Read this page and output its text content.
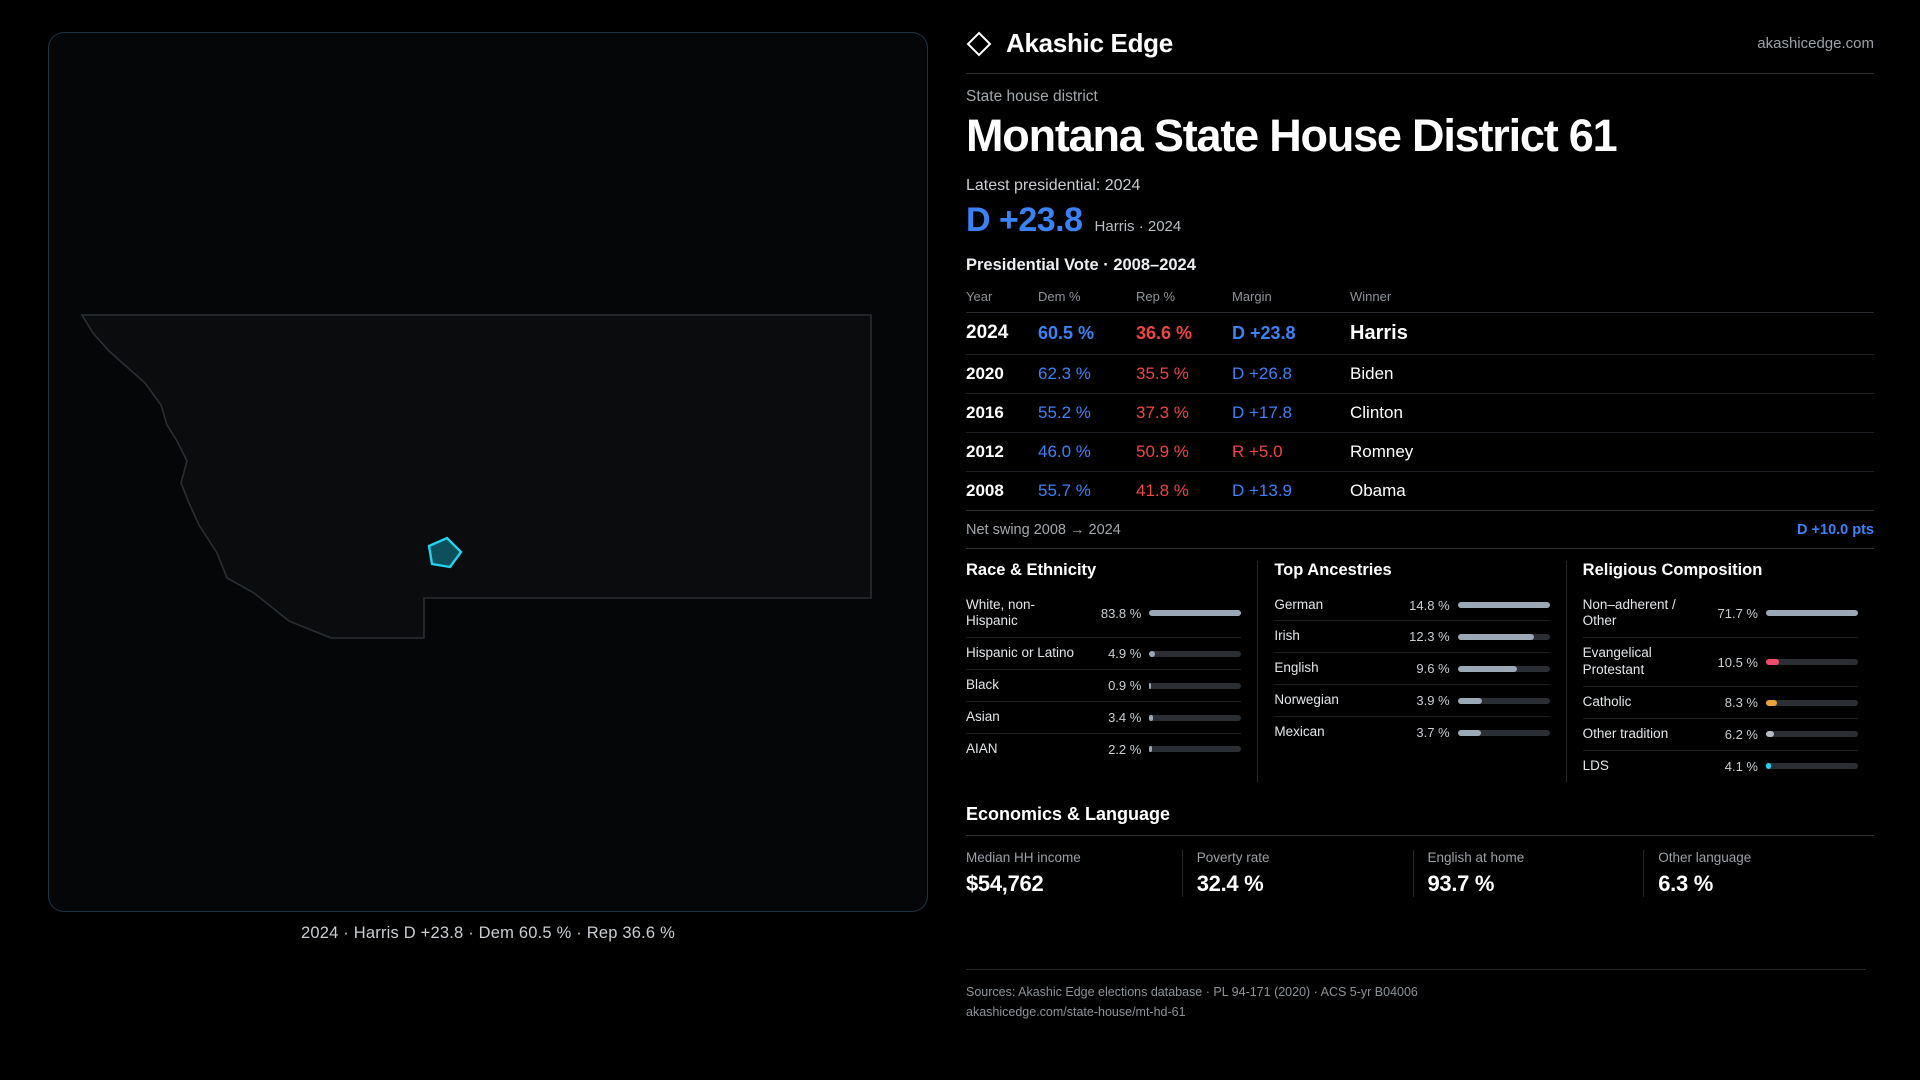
2024 · Harris D +23.8 · Dem 60.5 % · Rep 36.6 %
Akashic Edge	akashicedge.com
State house district
Montana State House District 61
Latest presidential: 2024
D +23.8 Harris · 2024
Presidential Vote · 2008–2024
Year	Dem %	Rep %	Margin	Winner
2024	60.5 %	36.6 %	D +23.8	Harris
2020	62.3 %	35.5 %	D +26.8	Biden
2016	55.2 %	37.3 %	D +17.8	Clinton
2012	46.0 %	50.9 %	R +5.0	Romney
2008	55.7 %	41.8 %	D +13.9	Obama
Net swing 2008 → 2024	D +10.0 pts
Race & Ethnicity
White, non-Hispanic	83.8 %
Hispanic or Latino	4.9 %
Black	0.9 %
Asian	3.4 %
AIAN	2.2 %
Top Ancestries
German	14.8 %
Irish	12.3 %
English	9.6 %
Norwegian	3.9 %
Mexican	3.7 %
Religious Composition
Non–adherent / Other	71.7 %
Evangelical Protestant	10.5 %
Catholic	8.3 %
Other tradition	6.2 %
LDS	4.1 %
Economics & Language
Median HH income
$54,762
Poverty rate
32.4 %
English at home
93.7 %
Other language
6.3 %
Sources: Akashic Edge elections database · PL 94-171 (2020) · ACS 5-yr B04006
akashicedge.com/state-house/mt-hd-61
